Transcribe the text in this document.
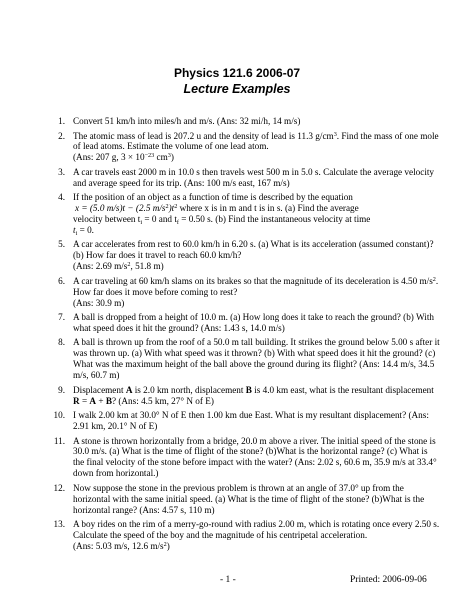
Physics 121.6 2006-07
Lecture Examples
1. Convert 51 km/h into miles/h and m/s. (Ans: 32 mi/h, 14 m/s)

2. The atomic mass of lead is 207.2 u and the density of lead is 11.3 $g/cm^3$. Find the mass of one mole of lead atoms. Estimate the volume of one lead atom.

(Ans: 207 g, $3 \times 10^{-23}$ $cm^3$)

3. A car travels east 2000 m in 10.0 s then travels west 500 m in 5.0 s. Calculate the average velocity and average speed for its trip. (Ans: 100 m/s east, 167 m/s)

4. If the position of an object as a function of time is described by the equation

x = (5.0 m/s)t − (2.5 $m/s^2)t^2$ where x is in m and t is in s. (a) Find the average

velocity between $t_i = 0$ and $t_f = 0.50$ s. (b) Find the instantaneous velocity at time

$t_i = 0$.

5. A car accelerates from rest to 60.0 km/h in 6.20 s. (a) What is its acceleration (assumed constant)? (b) How far does it travel to reach 60.0 km/h?

(Ans: 2.69 $m/s^2$, 51.8 m)

6. A car traveling at 60 km/h slams on its brakes so that the magnitude of its deceleration is 4.50 $m/s^2$. How far does it move before coming to rest?

(Ans: 30.9 m)

7. A ball is dropped from a height of 10.0 m. (a) How long does it take to reach the ground? (b) With what speed does it hit the ground? (Ans: 1.43 s, 14.0 m/s)

8. A ball is thrown up from the roof of a 50.0 m tall building. It strikes the ground below 5.00 s after it was thrown up. (a) With what speed was it thrown? (b) With what speed does it hit the ground? (c) What was the maximum height of the ball above the ground during its flight? (Ans: 14.4 m/s, 34.5 m/s, 60.7 m)

9. Displacement A is 2.0 km north, displacement B is 4.0 km east, what is the resultant displacement R = A + B? (Ans: 4.5 km, 27° N of E)

10. I walk 2.00 km at 30.0° N of E then 1.00 km due East. What is my resultant displacement? (Ans: 2.91 km, 20.1° N of E)

11. A stone is thrown horizontally from a bridge, 20.0 m above a river. The initial speed of the stone is 30.0 m/s. (a) What is the time of flight of the stone? (b)What is the horizontal range? (c) What is the final velocity of the stone before impact with the water? (Ans: 2.02 s, 60.6 m, 35.9 m/s at 33.4° down from horizontal.)

12. Now suppose the stone in the previous problem is thrown at an angle of 37.0° up from the horizontal with the same initial speed. (a) What is the time of flight of the stone? (b)What is the horizontal range? (Ans: 4.57 s, 110 m)

13. A boy rides on the rim of a merry-go-round with radius 2.00 m, which is rotating once every 2.50 s. Calculate the speed of the boy and the magnitude of his centripetal acceleration.

(Ans: 5.03 m/s, 12.6 $m/s^2$)

- 1 -	Printed: 2006-09-06
